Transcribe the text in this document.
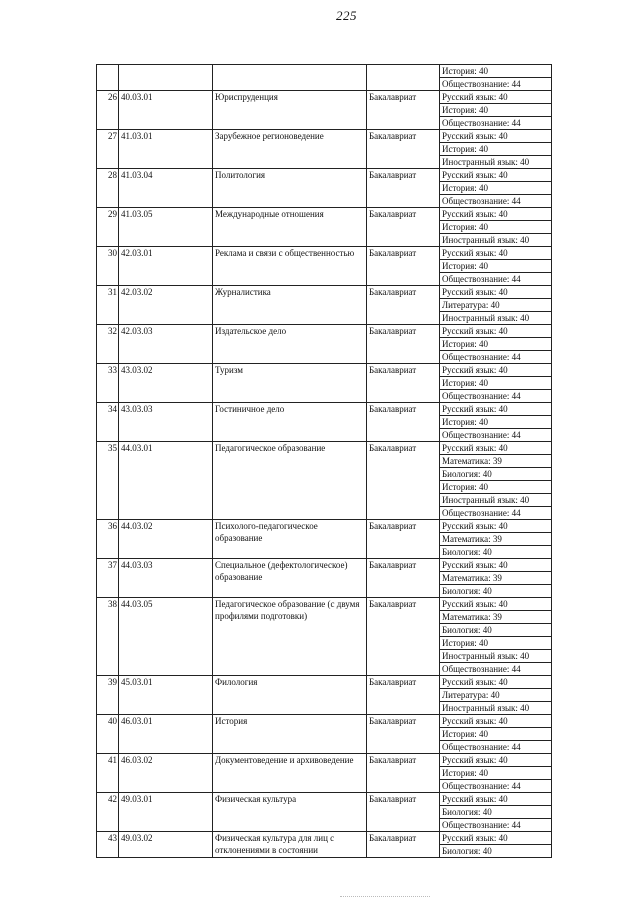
225
				История: 40
				Обществознание: 44
26	40.03.01	Юриспруденция	Бакалавриат	Русский язык: 40
				История: 40
				Обществознание: 44
27	41.03.01	Зарубежное регионоведение	Бакалавриат	Русский язык: 40
				История: 40
				Иностранный язык: 40
28	41.03.04	Политология	Бакалавриат	Русский язык: 40
				История: 40
				Обществознание: 44
29	41.03.05	Международные отношения	Бакалавриат	Русский язык: 40
				История: 40
				Иностранный язык: 40
30	42.03.01	Реклама и связи с общественностью	Бакалавриат	Русский язык: 40
				История: 40
				Обществознание: 44
31	42.03.02	Журналистика	Бакалавриат	Русский язык: 40
				Литература: 40
				Иностранный язык: 40
32	42.03.03	Издательское дело	Бакалавриат	Русский язык: 40
				История: 40
				Обществознание: 44
33	43.03.02	Туризм	Бакалавриат	Русский язык: 40
				История: 40
				Обществознание: 44
34	43.03.03	Гостиничное дело	Бакалавриат	Русский язык: 40
				История: 40
				Обществознание: 44
35	44.03.01	Педагогическое образование	Бакалавриат	Русский язык: 40
				Математика: 39
				Биология: 40
				История: 40
				Иностранный язык: 40
				Обществознание: 44
36	44.03.02	Психолого-педагогическое образование	Бакалавриат	Русский язык: 40
				Математика: 39
				Биология: 40
37	44.03.03	Специальное (дефектологическое) образование	Бакалавриат	Русский язык: 40
				Математика: 39
				Биология: 40
38	44.03.05	Педагогическое образование (с двумя профилями подготовки)	Бакалавриат	Русский язык: 40
				Математика: 39
				Биология: 40
				История: 40
				Иностранный язык: 40
				Обществознание: 44
39	45.03.01	Филология	Бакалавриат	Русский язык: 40
				Литература: 40
				Иностранный язык: 40
40	46.03.01	История	Бакалавриат	Русский язык: 40
				История: 40
				Обществознание: 44
41	46.03.02	Документоведение и архивоведение	Бакалавриат	Русский язык: 40
				История: 40
				Обществознание: 44
42	49.03.01	Физическая культура	Бакалавриат	Русский язык: 40
				Биология: 40
				Обществознание: 44
43	49.03.02	Физическая культура для лиц с отклонениями в состоянии	Бакалавриат	Русский язык: 40
				Биология: 40
